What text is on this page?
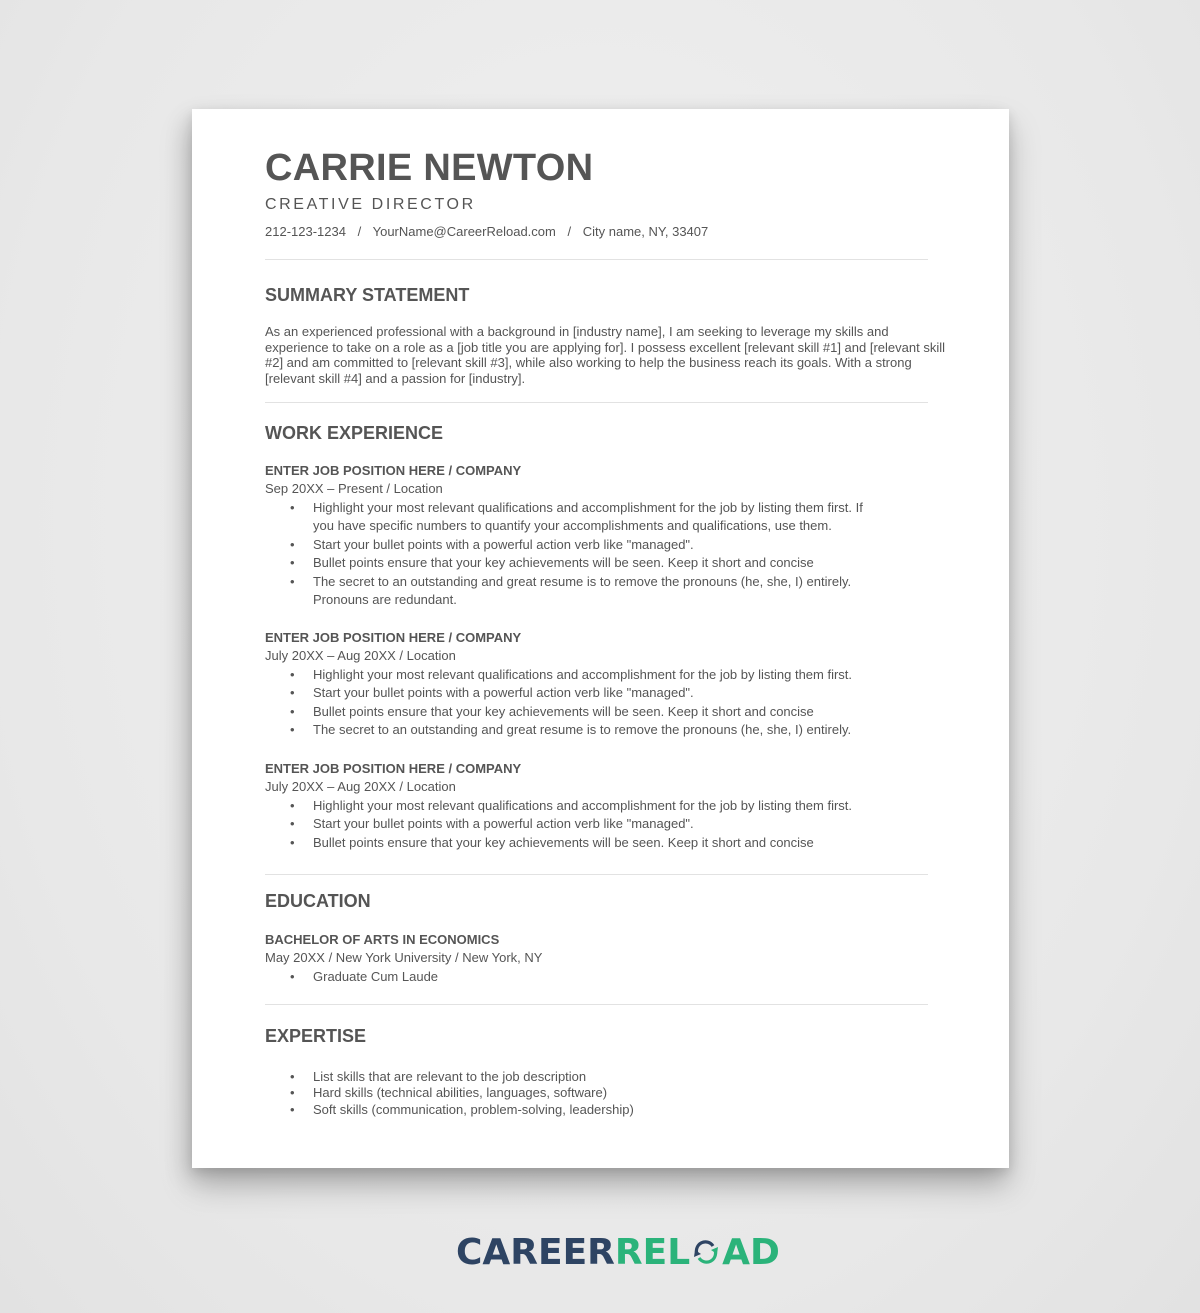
CARRIE NEWTON
CREATIVE DIRECTOR
212-123-1234 / YourName@CareerReload.com / City name, NY, 33407
SUMMARY STATEMENT
As an experienced professional with a background in [industry name], I am seeking to leverage my skills and experience to take on a role as a [job title you are applying for]. I possess excellent [relevant skill #1] and [relevant skill #2] and am committed to [relevant skill #3], while also working to help the business reach its goals. With a strong [relevant skill #4] and a passion for [industry].
WORK EXPERIENCE
ENTER JOB POSITION HERE / COMPANY
Sep 20XX – Present / Location
• Highlight your most relevant qualifications and accomplishment for the job by listing them first. If you have specific numbers to quantify your accomplishments and qualifications, use them.
• Start your bullet points with a powerful action verb like "managed".
• Bullet points ensure that your key achievements will be seen. Keep it short and concise
• The secret to an outstanding and great resume is to remove the pronouns (he, she, I) entirely. Pronouns are redundant.
ENTER JOB POSITION HERE / COMPANY
July 20XX – Aug 20XX / Location
• Highlight your most relevant qualifications and accomplishment for the job by listing them first.
• Start your bullet points with a powerful action verb like "managed".
• Bullet points ensure that your key achievements will be seen. Keep it short and concise
• The secret to an outstanding and great resume is to remove the pronouns (he, she, I) entirely.
ENTER JOB POSITION HERE / COMPANY
July 20XX – Aug 20XX / Location
• Highlight your most relevant qualifications and accomplishment for the job by listing them first.
• Start your bullet points with a powerful action verb like "managed".
• Bullet points ensure that your key achievements will be seen. Keep it short and concise
EDUCATION
BACHELOR OF ARTS IN ECONOMICS
May 20XX / New York University / New York, NY
• Graduate Cum Laude
EXPERTISE
• List skills that are relevant to the job description
• Hard skills (technical abilities, languages, software)
• Soft skills (communication, problem-solving, leadership)
CAREERREL AD
